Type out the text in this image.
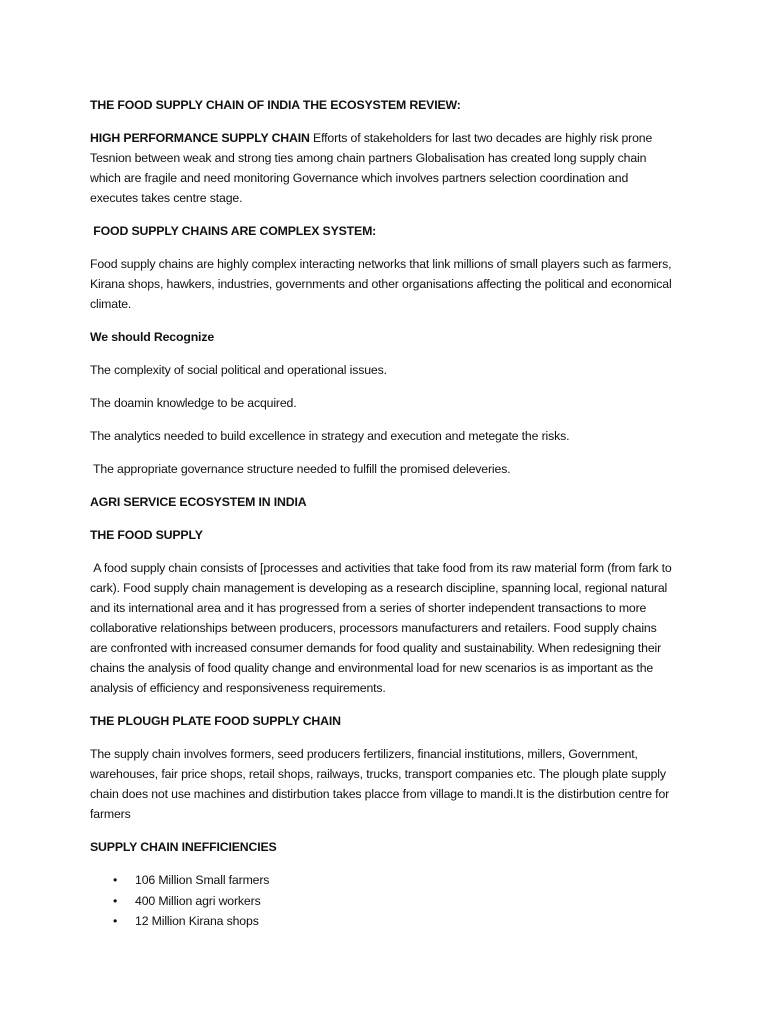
THE FOOD SUPPLY CHAIN OF INDIA THE ECOSYSTEM REVIEW:

HIGH PERFORMANCE SUPPLY CHAIN Efforts of stakeholders for last two decades are highly risk prone Tesnion between weak and strong ties among chain partners Globalisation has created long supply chain which are fragile and need monitoring Governance which involves partners selection coordination and executes takes centre stage.

FOOD SUPPLY CHAINS ARE COMPLEX SYSTEM:

Food supply chains are highly complex interacting networks that link millions of small players such as farmers, Kirana shops, hawkers, industries, governments and other organisations affecting the political and economical climate.

We should Recognize

The complexity of social political and operational issues.

The doamin knowledge to be acquired.

The analytics needed to build excellence in strategy and execution and metegate the risks.

The appropriate governance structure needed to fulfill the promised deleveries.

AGRI SERVICE ECOSYSTEM IN INDIA

THE FOOD SUPPLY

A food supply chain consists of [processes and activities that take food from its raw material form (from fark to cark). Food supply chain management is developing as a research discipline, spanning local, regional natural and its international area and it has progressed from a series of shorter independent transactions to more collaborative relationships between producers, processors manufacturers and retailers. Food supply chains are confronted with increased consumer demands for food quality and sustainability. When redesigning their chains the analysis of food quality change and environmental load for new scenarios is as important as the analysis of efficiency and responsiveness requirements.

THE PLOUGH PLATE FOOD SUPPLY CHAIN

The supply chain involves formers, seed producers fertilizers, financial institutions, millers, Government, warehouses, fair price shops, retail shops, railways, trucks, transport companies etc. The plough plate supply chain does not use machines and distirbution takes placce from village to mandi.It is the distirbution centre for farmers

SUPPLY CHAIN INEFFICIENCIES

• 106 Million Small farmers
• 400 Million agri workers
• 12 Million Kirana shops
